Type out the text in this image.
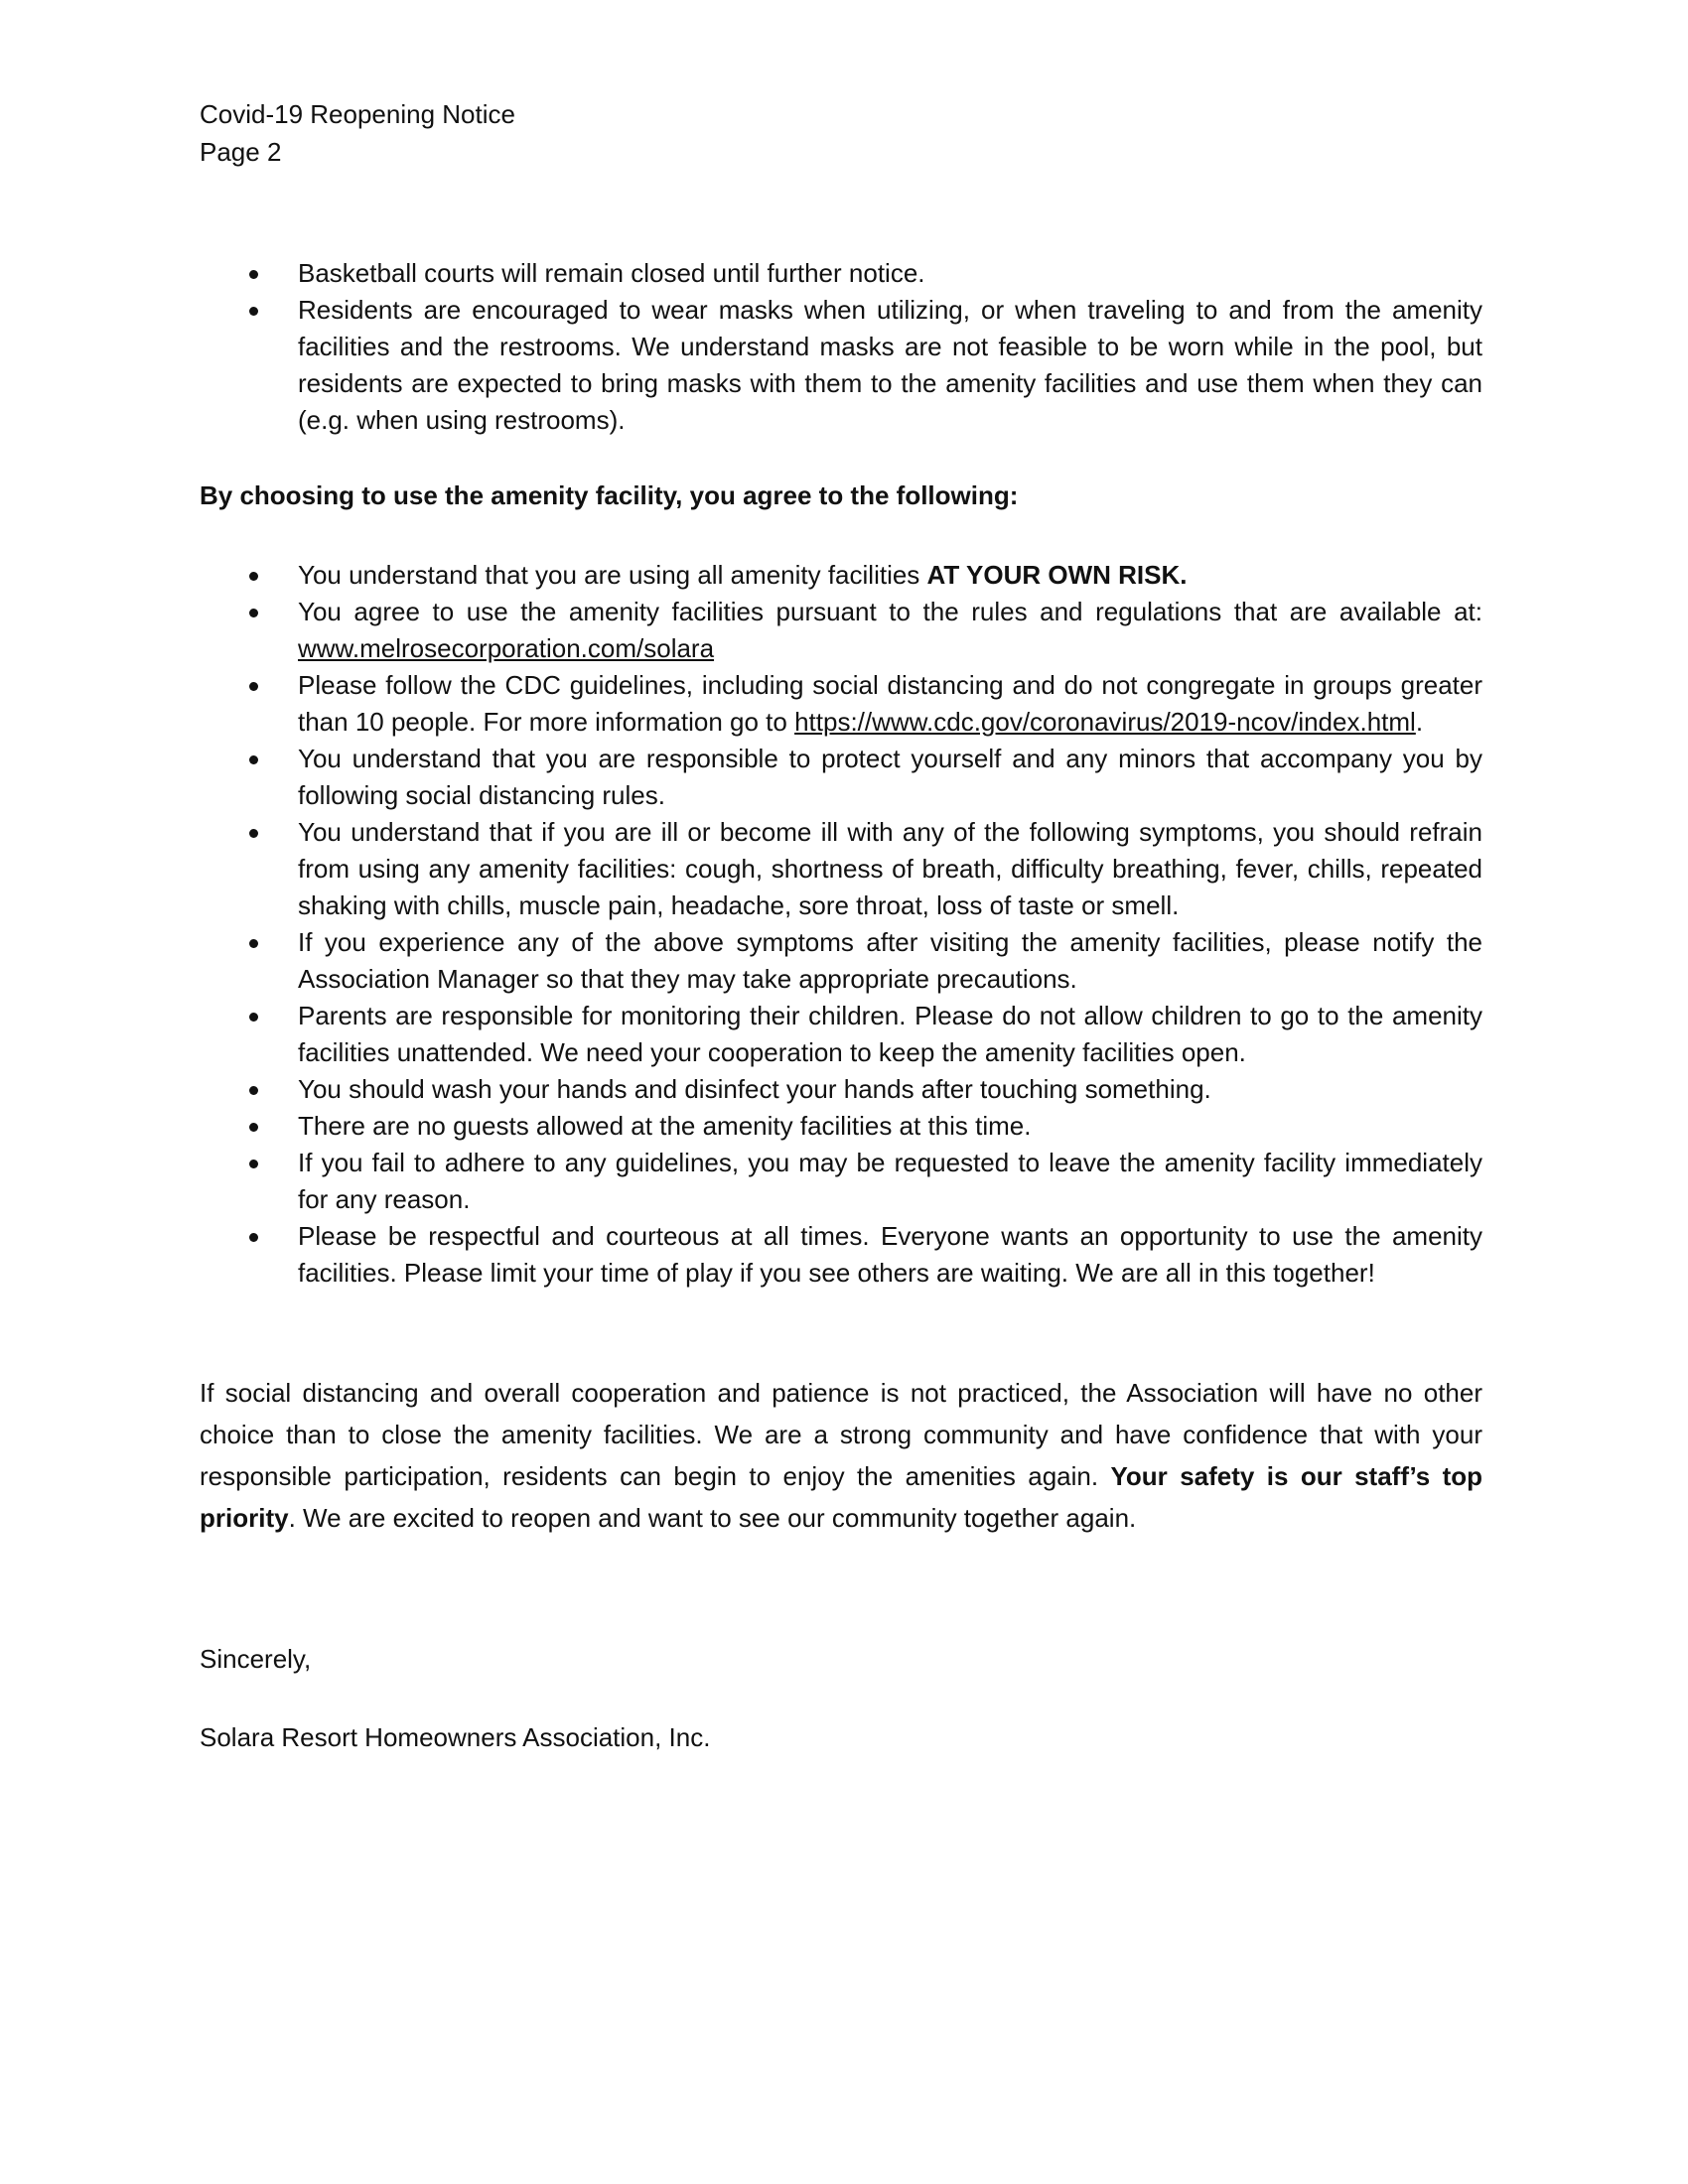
Covid-19 Reopening Notice
Page 2
Basketball courts will remain closed until further notice.
Residents are encouraged to wear masks when utilizing, or when traveling to and from the amenity facilities and the restrooms. We understand masks are not feasible to be worn while in the pool, but residents are expected to bring masks with them to the amenity facilities and use them when they can (e.g. when using restrooms).
By choosing to use the amenity facility, you agree to the following:
You understand that you are using all amenity facilities AT YOUR OWN RISK.
You agree to use the amenity facilities pursuant to the rules and regulations that are available at: www.melrosecorporation.com/solara
Please follow the CDC guidelines, including social distancing and do not congregate in groups greater than 10 people. For more information go to https://www.cdc.gov/coronavirus/2019-ncov/index.html.
You understand that you are responsible to protect yourself and any minors that accompany you by following social distancing rules.
You understand that if you are ill or become ill with any of the following symptoms, you should refrain from using any amenity facilities: cough, shortness of breath, difficulty breathing, fever, chills, repeated shaking with chills, muscle pain, headache, sore throat, loss of taste or smell.
If you experience any of the above symptoms after visiting the amenity facilities, please notify the Association Manager so that they may take appropriate precautions.
Parents are responsible for monitoring their children. Please do not allow children to go to the amenity facilities unattended. We need your cooperation to keep the amenity facilities open.
You should wash your hands and disinfect your hands after touching something.
There are no guests allowed at the amenity facilities at this time.
If you fail to adhere to any guidelines, you may be requested to leave the amenity facility immediately for any reason.
Please be respectful and courteous at all times. Everyone wants an opportunity to use the amenity facilities. Please limit your time of play if you see others are waiting. We are all in this together!

If social distancing and overall cooperation and patience is not practiced, the Association will have no other choice than to close the amenity facilities. We are a strong community and have confidence that with your responsible participation, residents can begin to enjoy the amenities again. Your safety is our staff’s top priority. We are excited to reopen and want to see our community together again.

Sincerely,
Solara Resort Homeowners Association, Inc.
